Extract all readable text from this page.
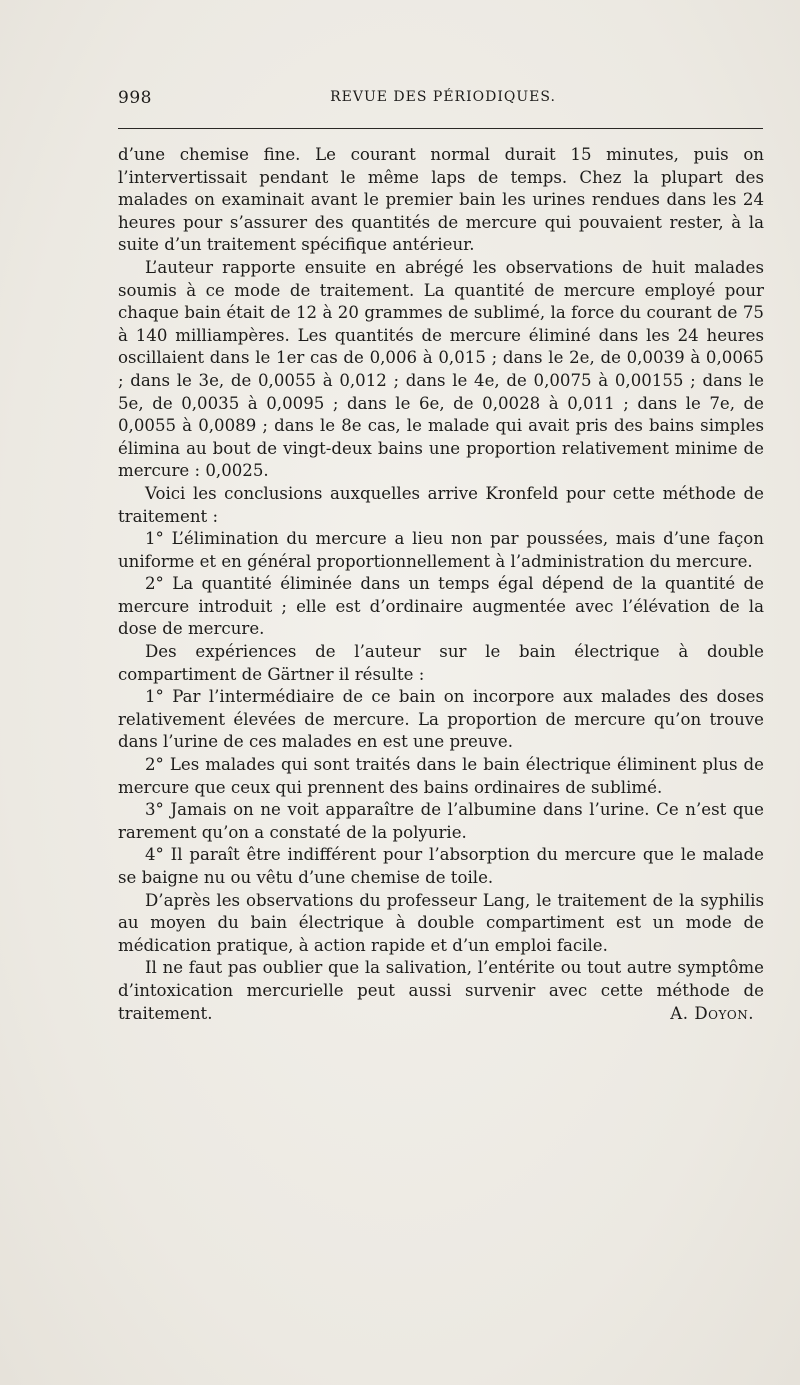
998	REVUE DES PÉRIODIQUES.

d’une chemise fine. Le courant normal durait 15 minutes, puis on l’intervertissait pendant le même laps de temps. Chez la plupart des malades on examinait avant le premier bain les urines rendues dans les 24 heures pour s’assurer des quantités de mercure qui pouvaient rester, à la suite d’un traitement spécifique antérieur.

L’auteur rapporte ensuite en abrégé les observations de huit malades soumis à ce mode de traitement. La quantité de mercure employé pour chaque bain était de 12 à 20 grammes de sublimé, la force du courant de 75 à 140 milliampères. Les quantités de mercure éliminé dans les 24 heures oscillaient dans le 1er cas de 0,006 à 0,015 ; dans le 2e, de 0,0039 à 0,0065 ; dans le 3e, de 0,0055 à 0,012 ; dans le 4e, de 0,0075 à 0,00155 ; dans le 5e, de 0,0035 à 0,0095 ; dans le 6e, de 0,0028 à 0,011 ; dans le 7e, de 0,0055 à 0,0089 ; dans le 8e cas, le malade qui avait pris des bains simples élimina au bout de vingt-deux bains une proportion relativement minime de mercure : 0,0025.

Voici les conclusions auxquelles arrive Kronfeld pour cette méthode de traitement :

1° L’élimination du mercure a lieu non par poussées, mais d’une façon uniforme et en général proportionnellement à l’administration du mercure.

2° La quantité éliminée dans un temps égal dépend de la quantité de mercure introduit ; elle est d’ordinaire augmentée avec l’élévation de la dose de mercure.

Des expériences de l’auteur sur le bain électrique à double compartiment de Gärtner il résulte :

1° Par l’intermédiaire de ce bain on incorpore aux malades des doses relativement élevées de mercure. La proportion de mercure qu’on trouve dans l’urine de ces malades en est une preuve.

2° Les malades qui sont traités dans le bain électrique éliminent plus de mercure que ceux qui prennent des bains ordinaires de sublimé.

3° Jamais on ne voit apparaître de l’albumine dans l’urine. Ce n’est que rarement qu’on a constaté de la polyurie.

4° Il paraît être indifférent pour l’absorption du mercure que le malade se baigne nu ou vêtu d’une chemise de toile.

D’après les observations du professeur Lang, le traitement de la syphilis au moyen du bain électrique à double compartiment est un mode de médication pratique, à action rapide et d’un emploi facile.

Il ne faut pas oublier que la salivation, l’entérite ou tout autre symptôme d’intoxication mercurielle peut aussi survenir avec cette méthode de traitement.	A. Doyon.
